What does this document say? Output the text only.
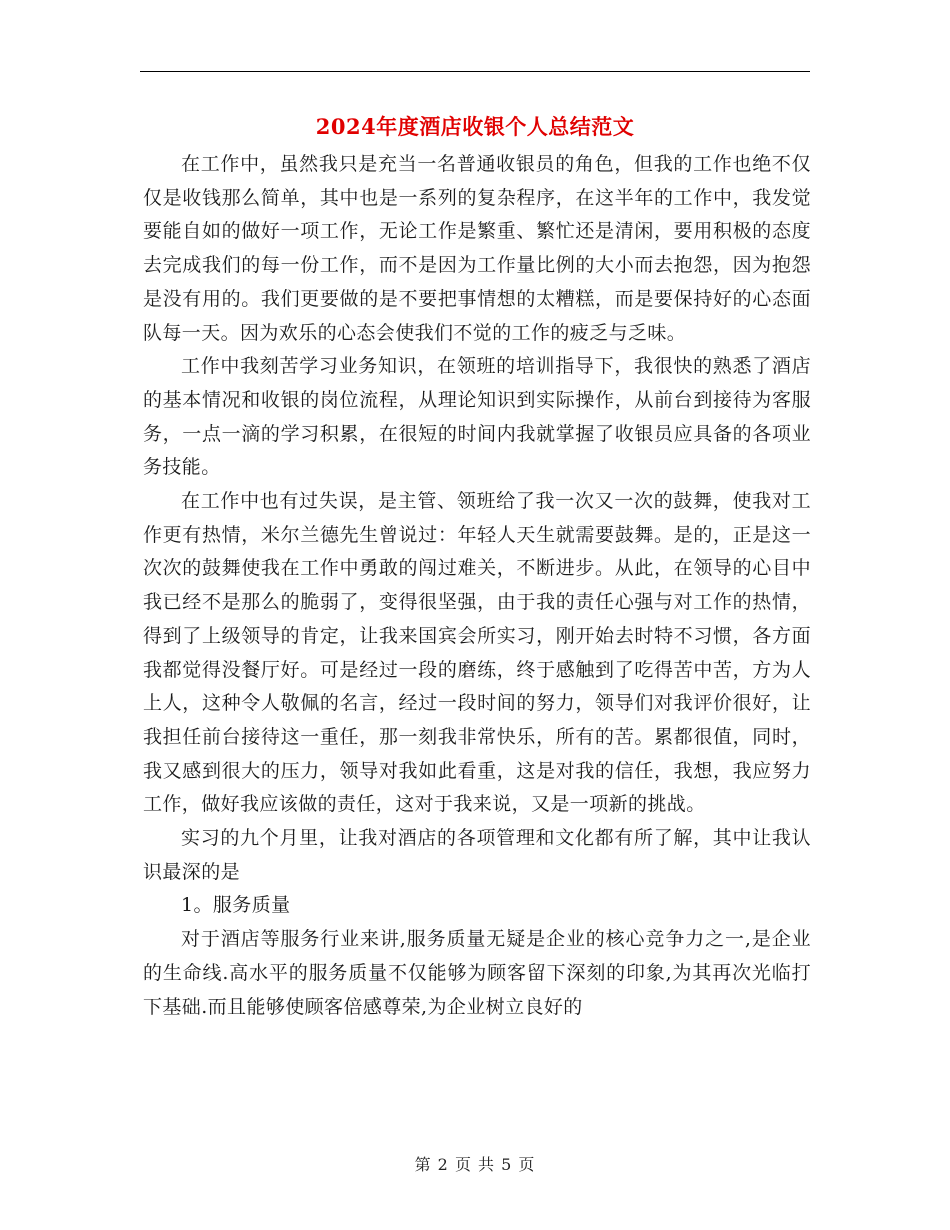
2024年度酒店收银个人总结范文

在工作中，虽然我只是充当一名普通收银员的角色，但我的工作也绝不仅仅是收钱那么简单，其中也是一系列的复杂程序，在这半年的工作中，我发觉要能自如的做好一项工作，无论工作是繁重、繁忙还是清闲，要用积极的态度去完成我们的每一份工作，而不是因为工作量比例的大小而去抱怨，因为抱怨是没有用的。我们更要做的是不要把事情想的太糟糕，而是要保持好的心态面队每一天。因为欢乐的心态会使我们不觉的工作的疲乏与乏味。

工作中我刻苦学习业务知识，在领班的培训指导下，我很快的熟悉了酒店的基本情况和收银的岗位流程，从理论知识到实际操作，从前台到接待为客服务，一点一滴的学习积累，在很短的时间内我就掌握了收银员应具备的各项业务技能。

在工作中也有过失误，是主管、领班给了我一次又一次的鼓舞，使我对工作更有热情，米尔兰德先生曾说过：年轻人天生就需要鼓舞。是的，正是这一次次的鼓舞使我在工作中勇敢的闯过难关，不断进步。从此，在领导的心目中我已经不是那么的脆弱了，变得很坚强，由于我的责任心强与对工作的热情，得到了上级领导的肯定，让我来国宾会所实习，刚开始去时特不习惯，各方面我都觉得没餐厅好。可是经过一段的磨练，终于感触到了吃得苦中苦，方为人上人，这种令人敬佩的名言，经过一段时间的努力，领导们对我评价很好，让我担任前台接待这一重任，那一刻我非常快乐，所有的苦。累都很值，同时，我又感到很大的压力，领导对我如此看重，这是对我的信任，我想，我应努力工作，做好我应该做的责任，这对于我来说，又是一项新的挑战。

实习的九个月里，让我对酒店的各项管理和文化都有所了解，其中让我认识最深的是

1。服务质量

对于酒店等服务行业来讲,服务质量无疑是企业的核心竞争力之一,是企业的生命线.高水平的服务质量不仅能够为顾客留下深刻的印象,为其再次光临打下基础.而且能够使顾客倍感尊荣,为企业树立良好的

第 2 页 共 5 页
